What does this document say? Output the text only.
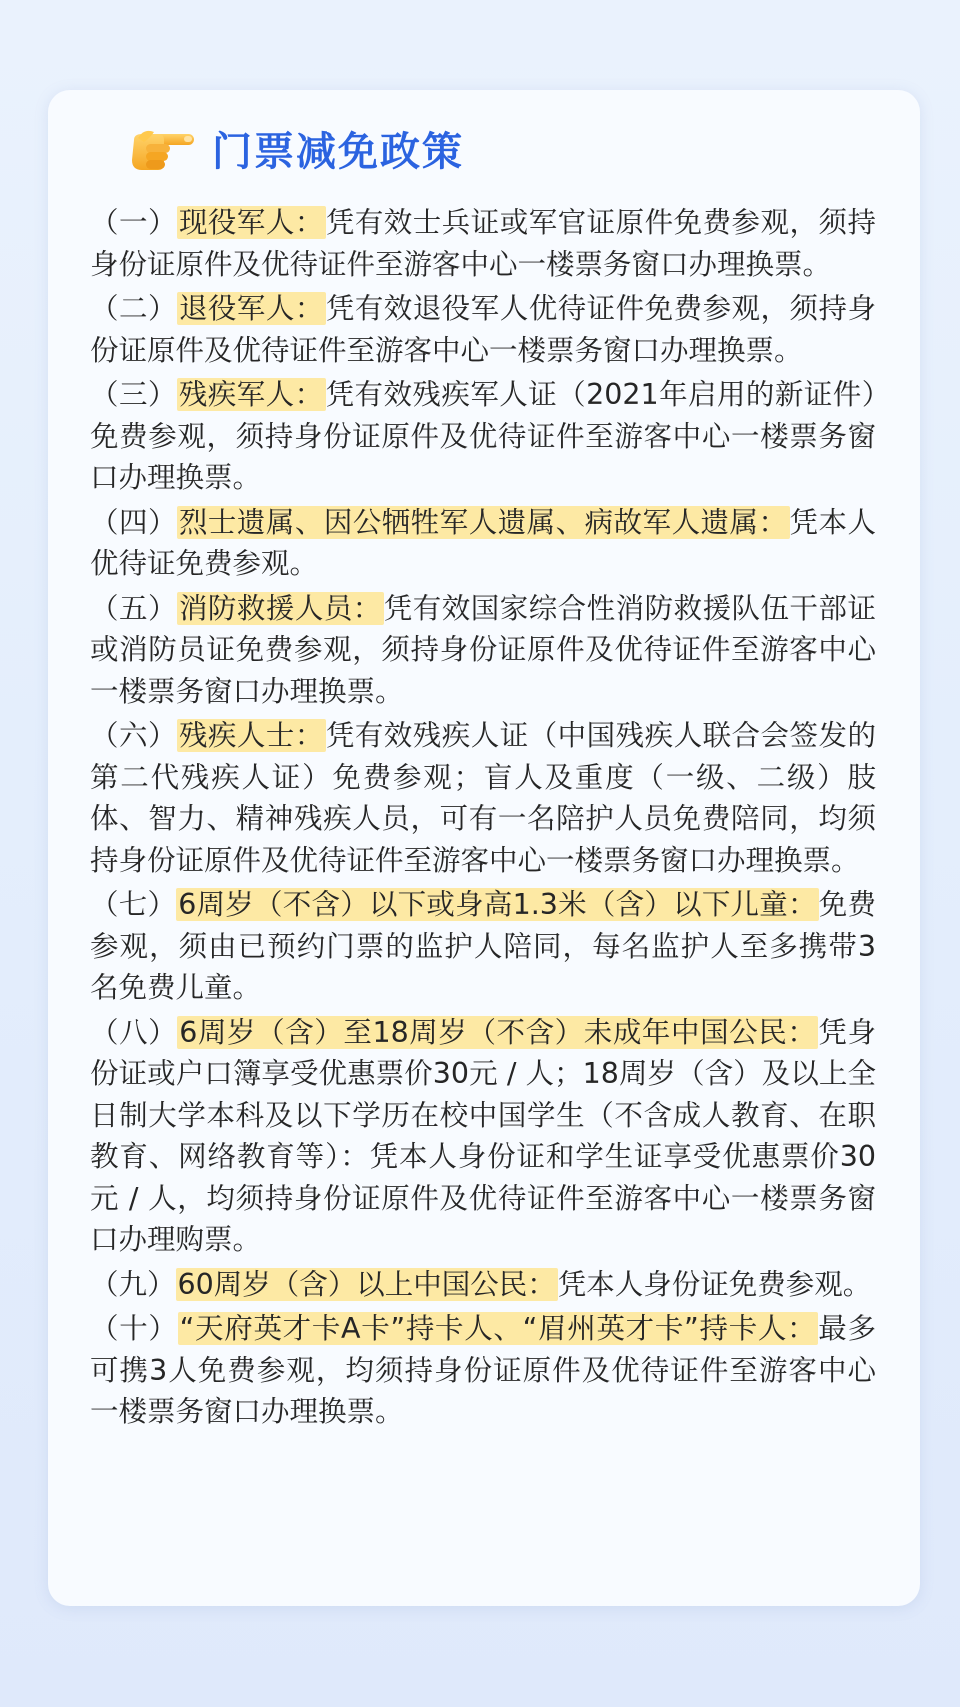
门票减免政策
（一）现役军人：凭有效士兵证或军官证原件免费参观，须持身份证原件及优待证件至游客中心一楼票务窗口办理换票。
（二）退役军人：凭有效退役军人优待证件免费参观，须持身份证原件及优待证件至游客中心一楼票务窗口办理换票。
（三）残疾军人：凭有效残疾军人证（2021年启用的新证件）免费参观，须持身份证原件及优待证件至游客中心一楼票务窗口办理换票。
（四）烈士遗属、因公牺牲军人遗属、病故军人遗属：凭本人优待证免费参观。
（五）消防救援人员：凭有效国家综合性消防救援队伍干部证或消防员证免费参观，须持身份证原件及优待证件至游客中心一楼票务窗口办理换票。
（六）残疾人士：凭有效残疾人证（中国残疾人联合会签发的第二代残疾人证）免费参观；盲人及重度（一级、二级）肢体、智力、精神残疾人员，可有一名陪护人员免费陪同，均须持身份证原件及优待证件至游客中心一楼票务窗口办理换票。
（七）6周岁（不含）以下或身高1.3米（含）以下儿童：免费参观，须由已预约门票的监护人陪同，每名监护人至多携带3名免费儿童。
（八）6周岁（含）至18周岁（不含）未成年中国公民：凭身份证或户口簿享受优惠票价30元 / 人；18周岁（含）及以上全日制大学本科及以下学历在校中国学生（不含成人教育、在职教育、网络教育等）：凭本人身份证和学生证享受优惠票价30元 / 人，均须持身份证原件及优待证件至游客中心一楼票务窗口办理购票。
（九）60周岁（含）以上中国公民：凭本人身份证免费参观。
（十）“天府英才卡A卡”持卡人、“眉州英才卡”持卡人：最多可携3人免费参观，均须持身份证原件及优待证件至游客中心一楼票务窗口办理换票。
